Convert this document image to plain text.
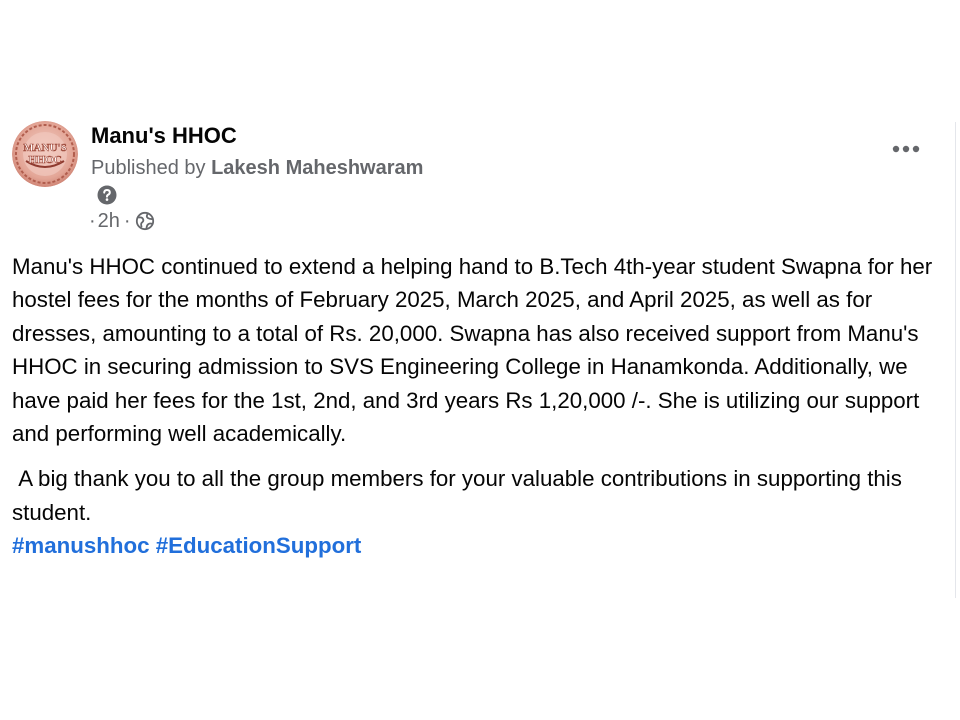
MANU'S
HHOC
Manu's HHOC
Published by Lakesh Maheshwaram
· 2h ·

Manu's HHOC continued to extend a helping hand to B.Tech 4th-year student Swapna for her hostel fees for the months of February 2025, March 2025, and April 2025, as well as for dresses, amounting to a total of Rs. 20,000. Swapna has also received support from Manu's HHOC in securing admission to SVS Engineering College in Hanamkonda. Additionally, we have paid her fees for the 1st, 2nd, and 3rd years Rs 1,20,000 /-. She is utilizing our support and performing well academically.

A big thank you to all the group members for your valuable contributions in supporting this student.

#manushhoc #EducationSupport
